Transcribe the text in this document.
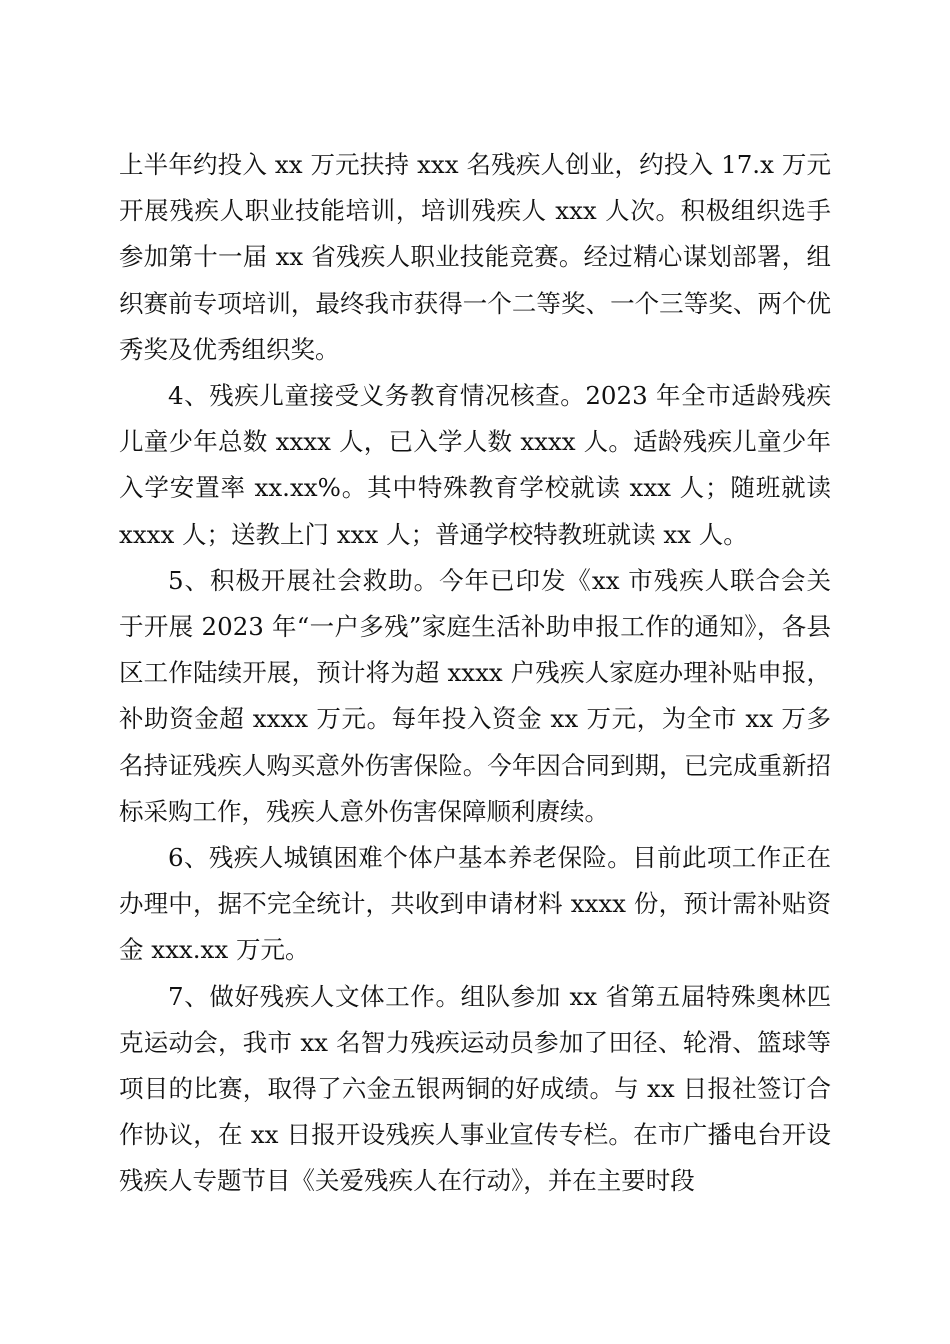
上半年约投入 xx 万元扶持 xxx 名残疾人创业，约投入 17.x 万元开展残疾人职业技能培训，培训残疾人 xxx 人次。积极组织选手参加第十一届 xx 省残疾人职业技能竞赛。经过精心谋划部署，组织赛前专项培训，最终我市获得一个二等奖、一个三等奖、两个优秀奖及优秀组织奖。

4、残疾儿童接受义务教育情况核查。2023 年全市适龄残疾儿童少年总数 xxxx 人，已入学人数 xxxx 人。适龄残疾儿童少年入学安置率 xx.xx%。其中特殊教育学校就读 xxx 人；随班就读 xxxx 人；送教上门 xxx 人；普通学校特教班就读 xx 人。

5、积极开展社会救助。今年已印发《xx 市残疾人联合会关于开展 2023 年“一户多残”家庭生活补助申报工作的通知》，各县区工作陆续开展，预计将为超 xxxx 户残疾人家庭办理补贴申报，补助资金超 xxxx 万元。每年投入资金 xx 万元，为全市 xx 万多名持证残疾人购买意外伤害保险。今年因合同到期，已完成重新招标采购工作，残疾人意外伤害保障顺利赓续。

6、残疾人城镇困难个体户基本养老保险。目前此项工作正在办理中，据不完全统计，共收到申请材料 xxxx 份，预计需补贴资金 xxx.xx 万元。

7、做好残疾人文体工作。组队参加 xx 省第五届特殊奥林匹克运动会，我市 xx 名智力残疾运动员参加了田径、轮滑、篮球等项目的比赛，取得了六金五银两铜的好成绩。与 xx 日报社签订合作协议，在 xx 日报开设残疾人事业宣传专栏。在市广播电台开设残疾人专题节目《关爱残疾人在行动》，并在主要时段
